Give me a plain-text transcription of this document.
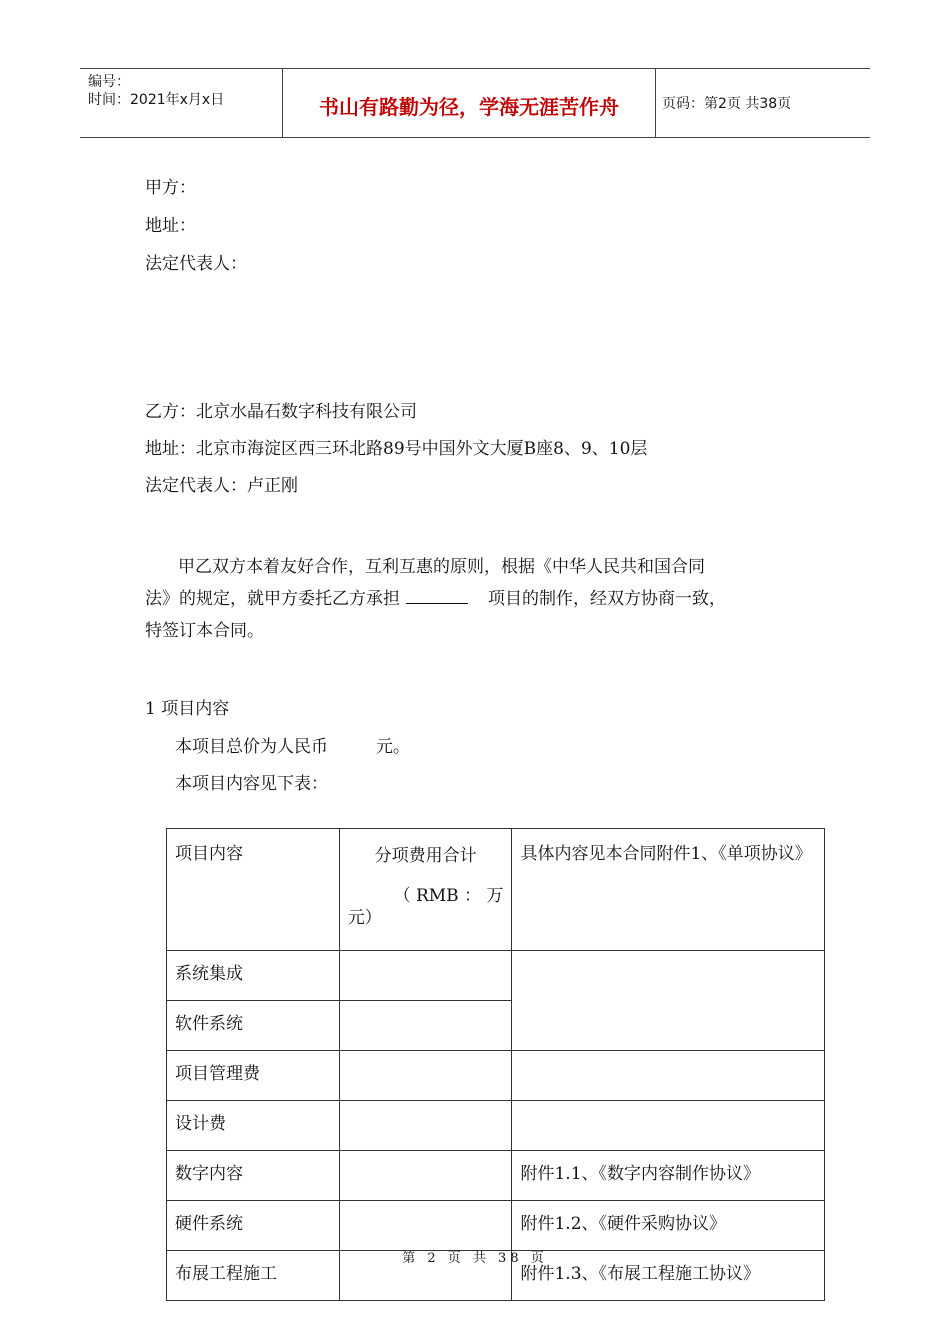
编号：
时间：2021年x月x日	书山有路勤为径，学海无涯苦作舟	页码：第2页 共38页
甲方：
地址：
法定代表人：
乙方：北京水晶石数字科技有限公司
地址：北京市海淀区西三环北路89号中国外文大厦B座8、9、10层
法定代表人：卢正刚
甲乙双方本着友好合作，互利互惠的原则，根据《中华人民共和国合同
法》的规定，就甲方委托乙方承担	项目的制作，经双方协商一致，
特签订本合同。
1 项目内容
本项目总价为人民币	元。
本项目内容见下表：
项目内容	分项费用合计
（ RMB ： 万
元）	具体内容见本合同附件1、《单项协议》
系统集成		
软件系统		
项目管理费		
设计费		
数字内容		附件1.1、《数字内容制作协议》
硬件系统		附件1.2、《硬件采购协议》
布展工程施工		附件1.3、《布展工程施工协议》
第 2 页 共 38 页
